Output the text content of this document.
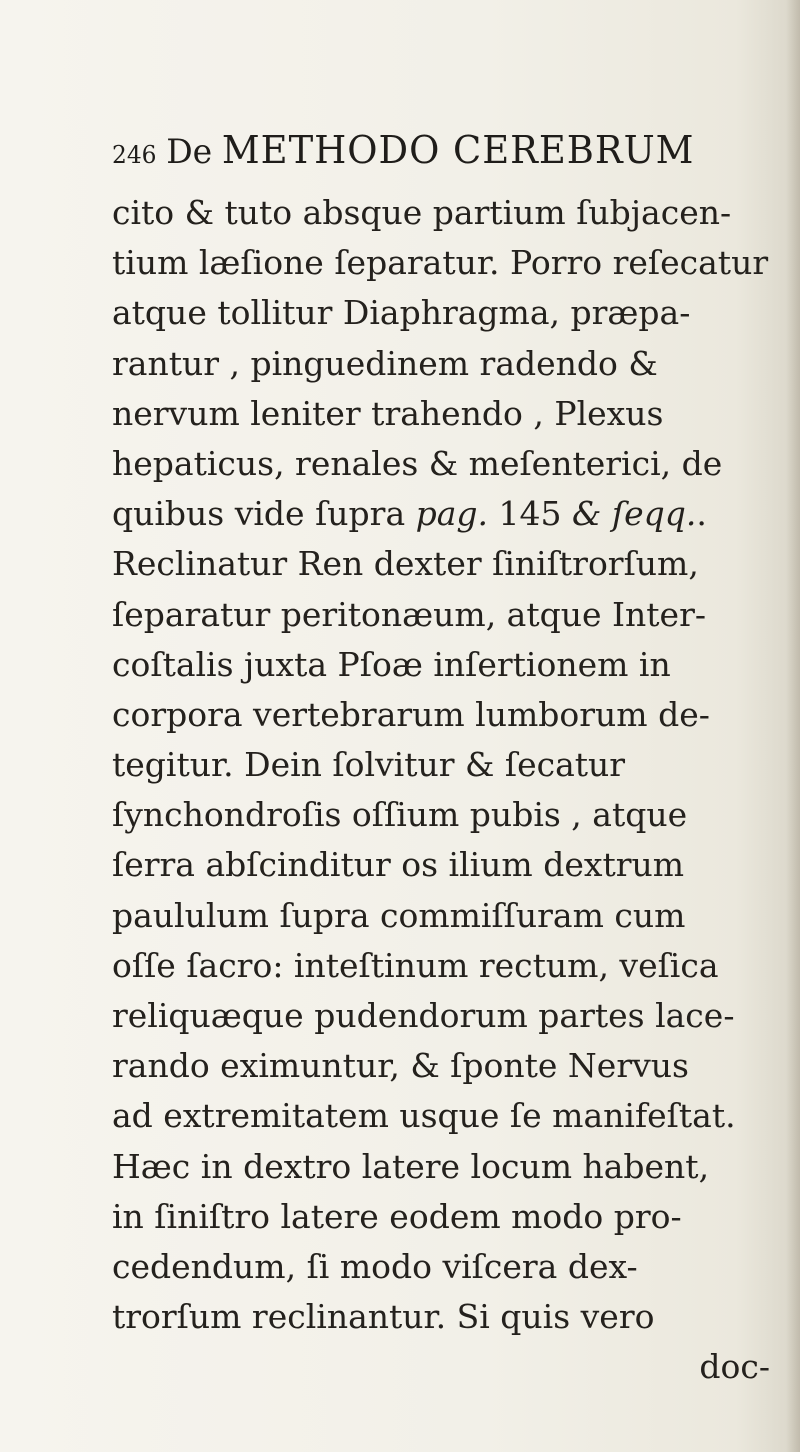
246 De METHODO CEREBRUM
cito & tuto absque partium ſubjacen-
tium læſione ſeparatur. Porro reſecatur
atque tollitur Diaphragma, præpa-
rantur , pinguedinem radendo &
nervum leniter trahendo , Plexus
hepaticus, renales & meſenterici, de
quibus vide ſupra pag. 145 & ſeqq..
Reclinatur Ren dexter ſiniſtrorſum,
ſeparatur peritonæum, atque Inter-
coſtalis juxta Pſoæ inſertionem in
corpora vertebrarum lumborum de-
tegitur. Dein ſolvitur & ſecatur
ſynchondroſis oſſium pubis , atque
ſerra abſcinditur os ilium dextrum
paululum ſupra commiſſuram cum
oſſe ſacro: inteſtinum rectum, veſica
reliquæque pudendorum partes lace-
rando eximuntur, & ſponte Nervus
ad extremitatem usque ſe manifeſtat.
Hæc in dextro latere locum habent,
in ſiniſtro latere eodem modo pro-
cedendum, ſi modo viſcera dex-
trorſum reclinantur. Si quis vero
doc-
